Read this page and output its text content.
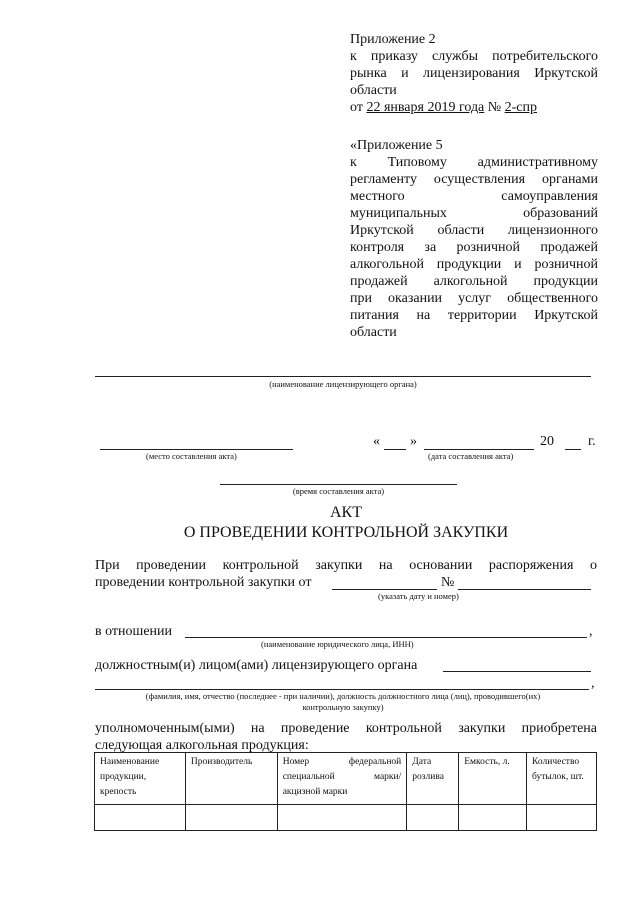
Приложение 2
к приказу службы потребительского
рынка и лицензирования Иркутской
области
от 22 января 2019 года № 2-спр
«Приложение 5
к Типовому административному
регламенту осуществления органами
местного самоуправления
муниципальных образований
Иркутской области лицензионного
контроля за розничной продажей
алкогольной продукции и розничной
продажей алкогольной продукции
при оказании услуг общественного
питания на территории Иркутской
области
(наименование лицензирующего органа)
(место составления акта)
« »	20 г.
(дата составления акта)
(время составления акта)
АКТ
О ПРОВЕДЕНИИ КОНТРОЛЬНОЙ ЗАКУПКИ
При проведении контрольной закупки на основании распоряжения о
проведении контрольной закупки от	№
(указать дату и номер)
в отношении	,
(наименование юридического лица, ИНН)
должностным(и) лицом(ами) лицензирующего органа
,
(фамилия, имя, отчество (последнее - при наличии), должность должностного лица (лиц), проводившего(их)
контрольную закупку)
уполномоченным(ыми) на проведение контрольной закупки приобретена
следующая алкогольная продукция:
Наименование продукции, крепость	Производитель	Номер федеральной специальной марки/акцизной марки	Дата розлива	Емкость, л.	Количество бутылок, шт.
